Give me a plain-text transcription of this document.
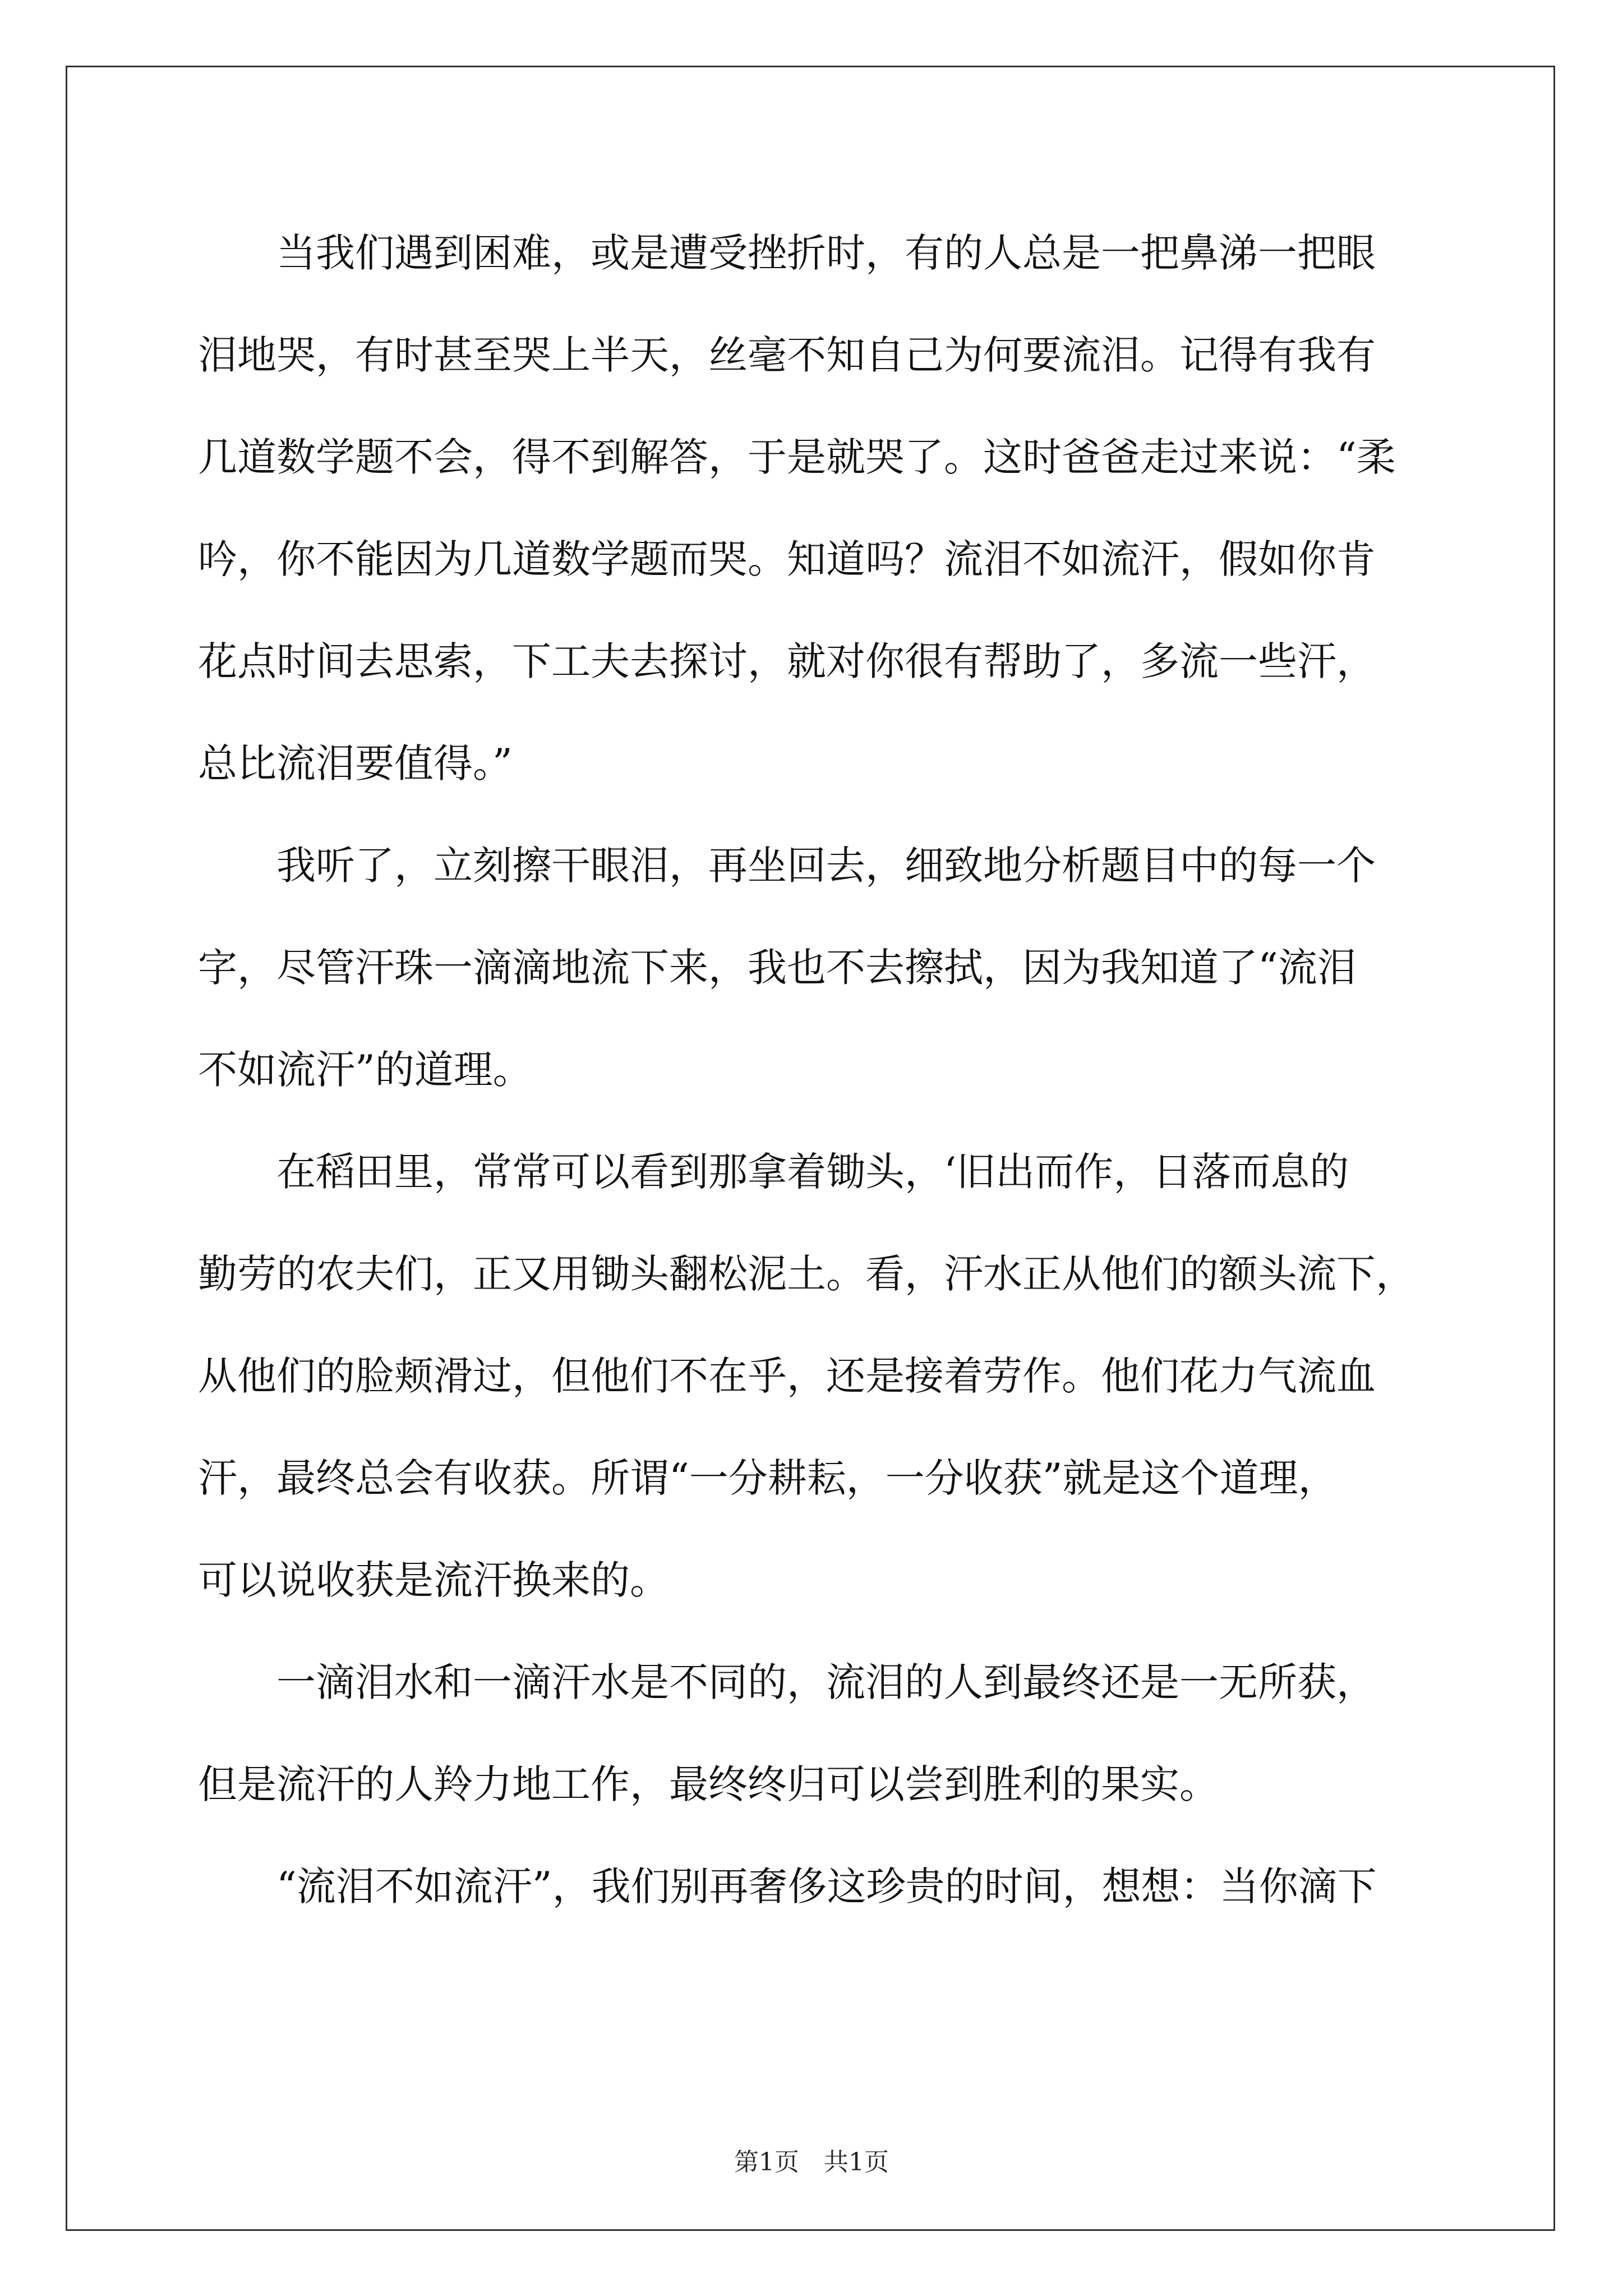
当我们遇到困难，或是遭受挫折时，有的人总是一把鼻涕一把眼
泪地哭，有时甚至哭上半天，丝毫不知自己为何要流泪。记得有我有
几道数学题不会，得不到解答，于是就哭了。这时爸爸走过来说：“柔
吟，你不能因为几道数学题而哭。知道吗？流泪不如流汗，假如你肯
花点时间去思索，下工夫去探讨，就对你很有帮助了，多流一些汗，
总比流泪要值得。”
我听了，立刻擦干眼泪，再坐回去，细致地分析题目中的每一个
字，尽管汗珠一滴滴地流下来，我也不去擦拭，因为我知道了“流泪
不如流汗”的道理。
在稻田里，常常可以看到那拿着锄头，‘旧出而作，日落而息的
勤劳的农夫们，正又用锄头翻松泥土。看，汗水正从他们的额头流下，
从他们的脸颊滑过，但他们不在乎，还是接着劳作。他们花力气流血
汗，最终总会有收获。所谓“一分耕耘，一分收获”就是这个道理，
可以说收获是流汗换来的。
一滴泪水和一滴汗水是不同的，流泪的人到最终还是一无所获，
但是流汗的人羚力地工作，最终终归可以尝到胜利的果实。
“流泪不如流汗”，我们别再奢侈这珍贵的时间，想想：当你滴下
第1页 共1页
